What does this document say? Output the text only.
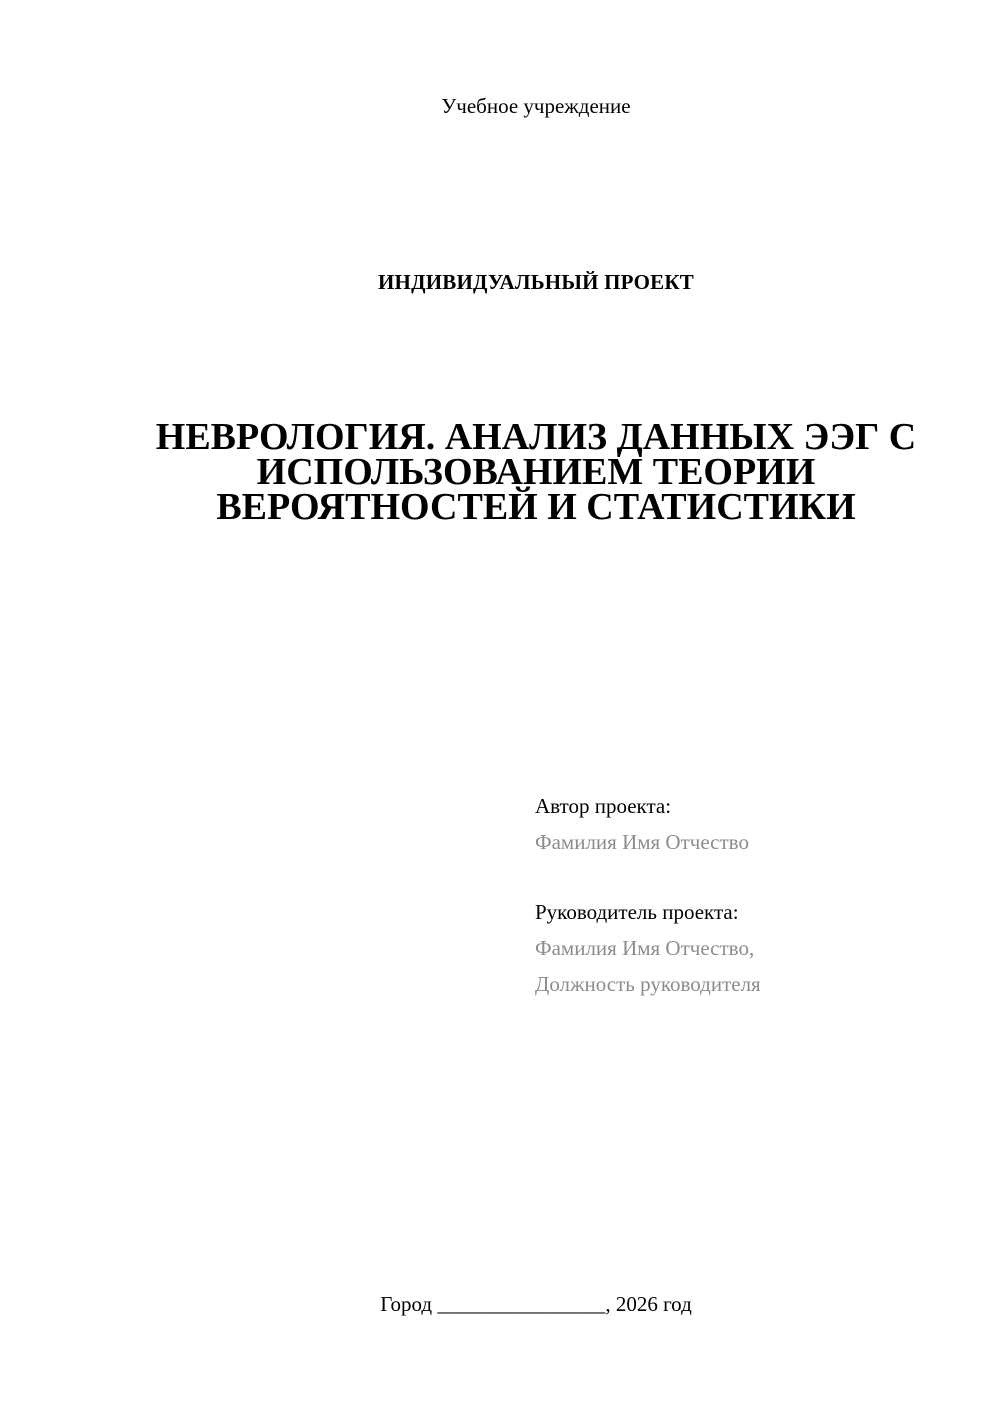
Учебное учреждение
ИНДИВИДУАЛЬНЫЙ ПРОЕКТ
НЕВРОЛОГИЯ. АНАЛИЗ ДАННЫХ ЭЭГ С
ИСПОЛЬЗОВАНИЕМ ТЕОРИИ
ВЕРОЯТНОСТЕЙ И СТАТИСТИКИ
Автор проекта:
Фамилия Имя Отчество
Руководитель проекта:
Фамилия Имя Отчество,
Должность руководителя
Город ________________, 2026 год
